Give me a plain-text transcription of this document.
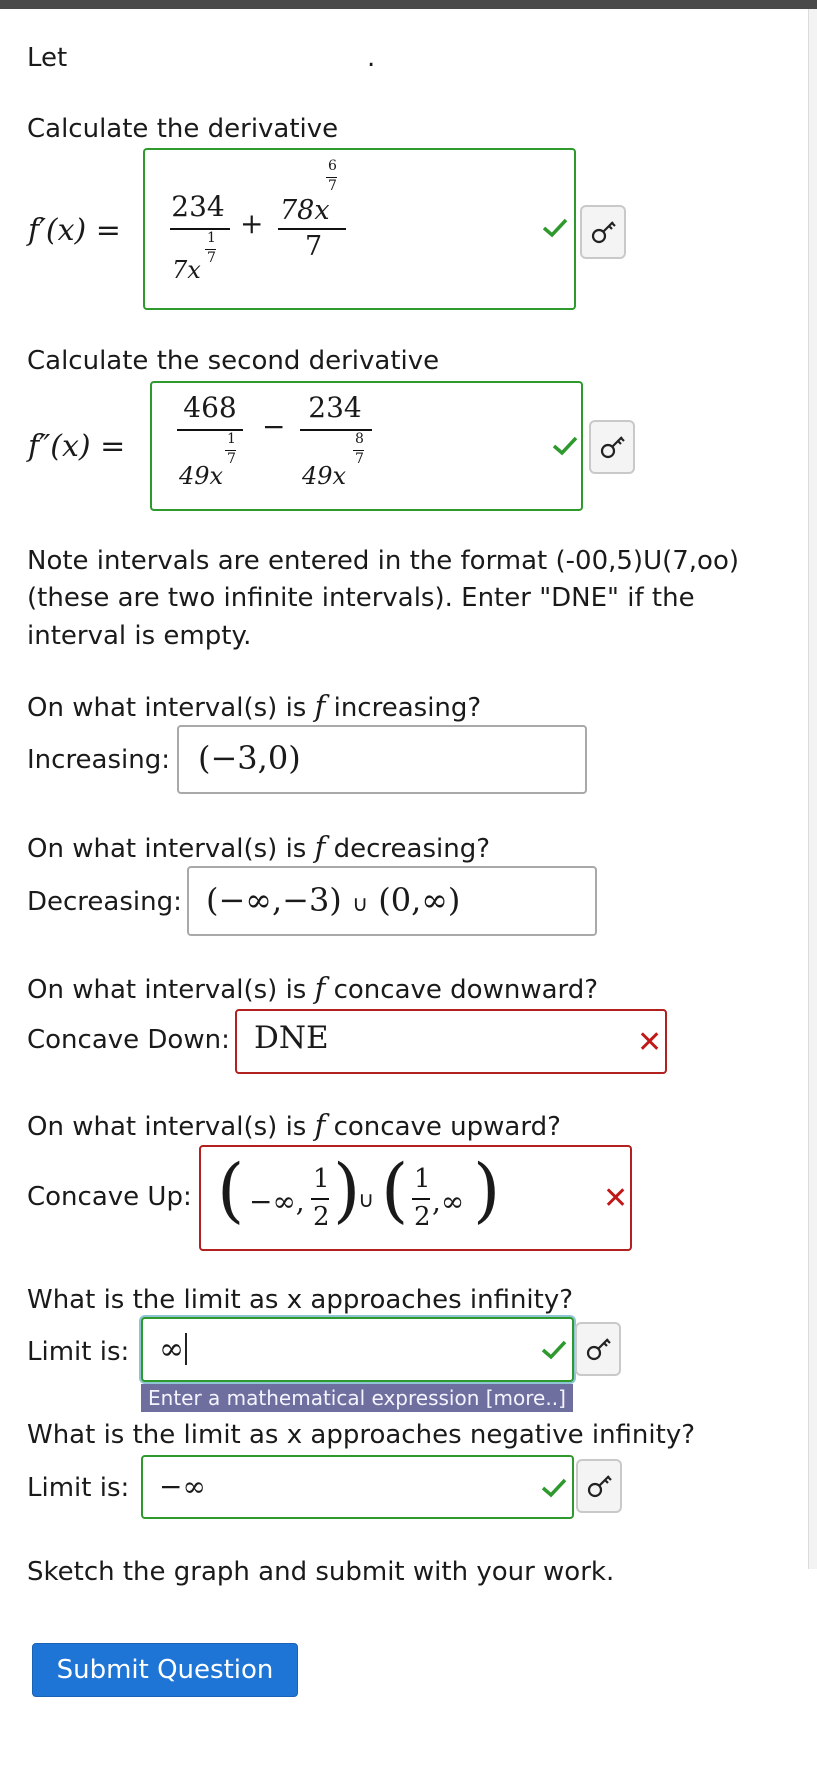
Let	.
Calculate the derivative
f′(x) =
234
7x
1
7
+ 78x
6
7
7
Calculate the second derivative
f″(x) =
468
49x
1
7
−
234
49x
8
7
Note intervals are entered in the format (-00,5)U(7,oo)
(these are two infinite intervals). Enter "DNE" if the
interval is empty.
On what interval(s) is f increasing?
Increasing: (−3,0)
On what interval(s) is f decreasing?
Decreasing: (−∞,−3) ∪ (0,∞)
On what interval(s) is f concave downward?
Concave Down: DNE	✕
On what interval(s) is f concave upward?
Concave Up: ( −∞,
1
2 )
∪ ( 1
2 ,∞ )	✕
What is the limit as x approaches infinity?
Limit is: ∞
Enter a mathematical expression [more..]
What is the limit as x approaches negative infinity?
Limit is: −∞
Sketch the graph and submit with your work.
Submit Question
